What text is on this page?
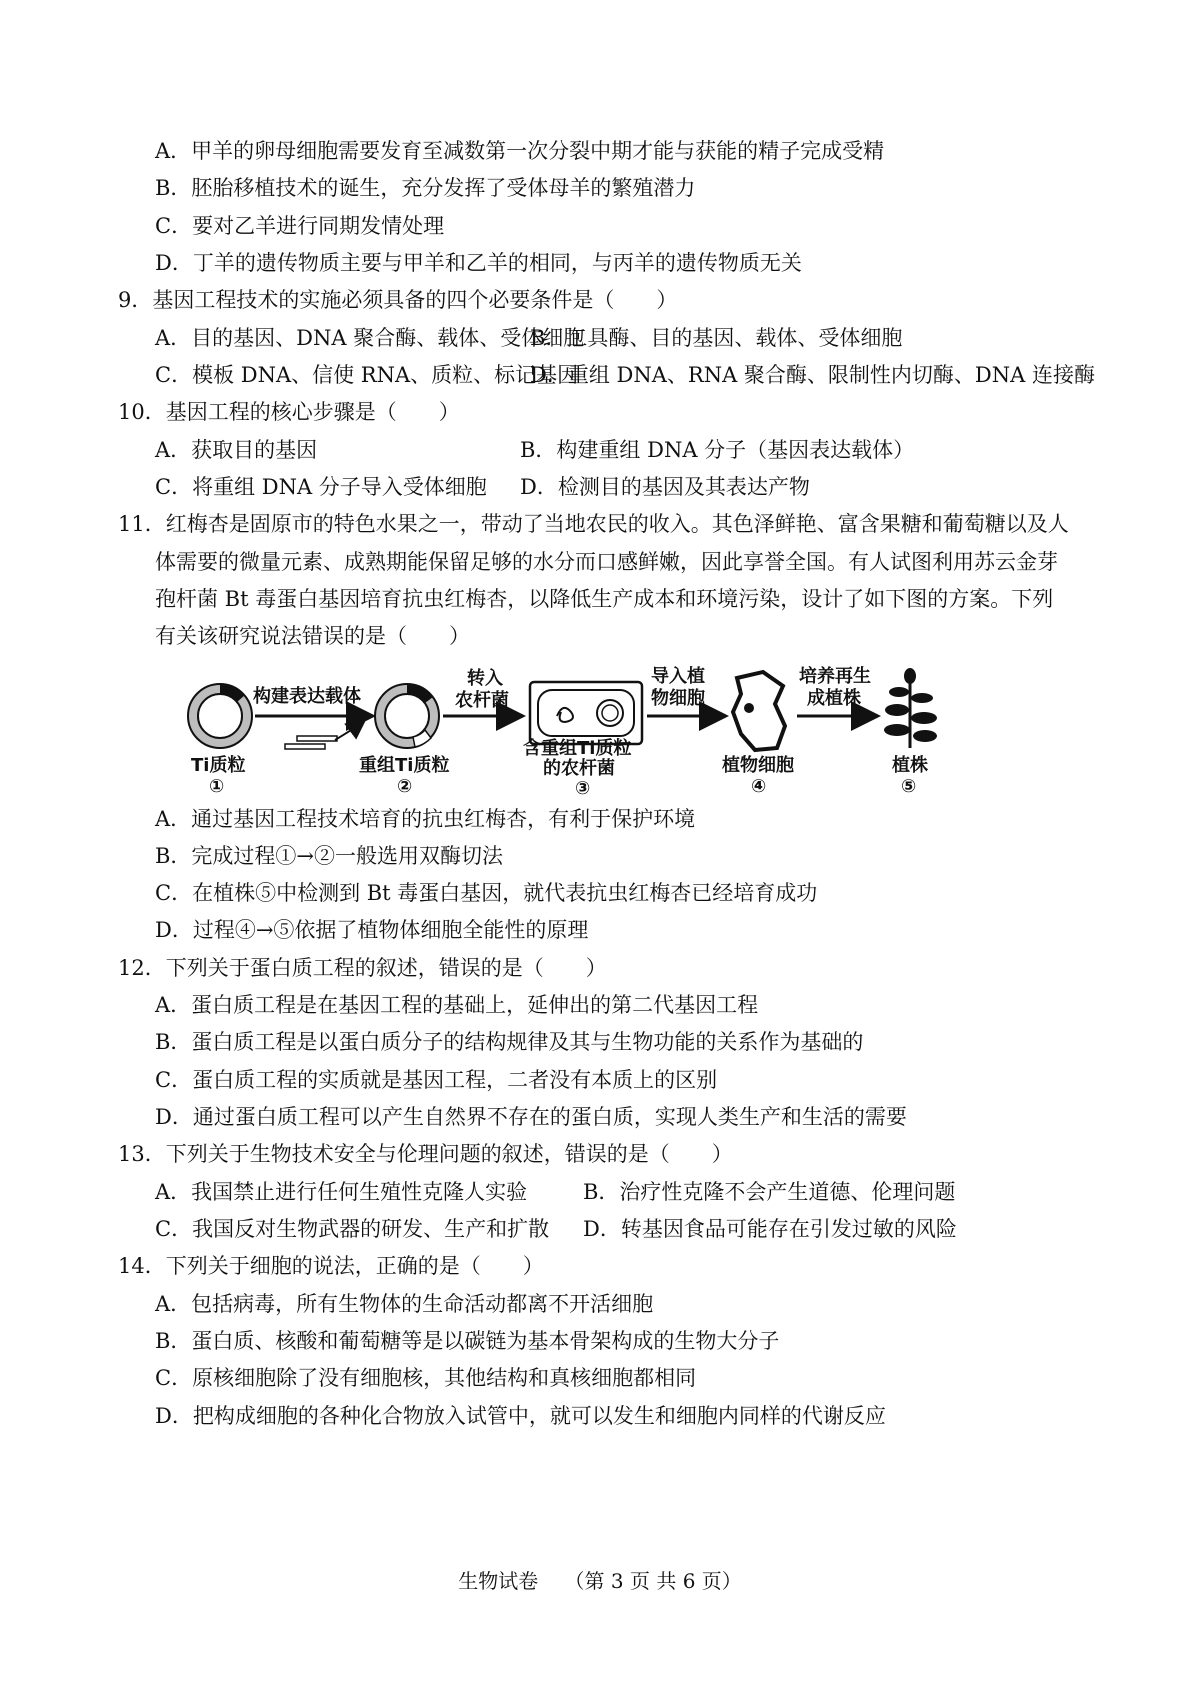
A．甲羊的卵母细胞需要发育至减数第一次分裂中期才能与获能的精子完成受精
B．胚胎移植技术的诞生，充分发挥了受体母羊的繁殖潜力
C．要对乙羊进行同期发情处理
D．丁羊的遗传物质主要与甲羊和乙羊的相同，与丙羊的遗传物质无关
9．基因工程技术的实施必须具备的四个必要条件是（　　）
A．目的基因、DNA 聚合酶、载体、受体细胞
B．工具酶、目的基因、载体、受体细胞
C．模板 DNA、信使 RNA、质粒、标记基因
D．重组 DNA、RNA 聚合酶、限制性内切酶、DNA 连接酶
10．基因工程的核心步骤是（　　）
A．获取目的基因	B．构建重组 DNA 分子（基因表达载体）
C．将重组 DNA 分子导入受体细胞 D．检测目的基因及其表达产物
11．红梅杏是固原市的特色水果之一，带动了当地农民的收入。其色泽鲜艳、富含果糖和葡萄糖以及人
体需要的微量元素、成熟期能保留足够的水分而口感鲜嫩，因此享誉全国。有人试图利用苏云金芽
孢杆菌 Bt 毒蛋白基因培育抗虫红梅杏，以降低生产成本和环境污染，设计了如下图的方案。下列
有关该研究说法错误的是（　　）
Ti质粒
①
构建表达载体
重组Ti质粒
②
转入
农杆菌
含重组Ti质粒
的农杆菌
③
导入植
物细胞
植物细胞
④
培养再生
成植株
植株
⑤
A．通过基因工程技术培育的抗虫红梅杏，有利于保护环境
B．完成过程①→②一般选用双酶切法
C．在植株⑤中检测到 Bt 毒蛋白基因，就代表抗虫红梅杏已经培育成功
D．过程④→⑤依据了植物体细胞全能性的原理
12．下列关于蛋白质工程的叙述，错误的是（　　）
A．蛋白质工程是在基因工程的基础上，延伸出的第二代基因工程
B．蛋白质工程是以蛋白质分子的结构规律及其与生物功能的关系作为基础的
C．蛋白质工程的实质就是基因工程，二者没有本质上的区别
D．通过蛋白质工程可以产生自然界不存在的蛋白质，实现人类生产和生活的需要
13．下列关于生物技术安全与伦理问题的叙述，错误的是（　　）
A．我国禁止进行任何生殖性克隆人实验	B．治疗性克隆不会产生道德、伦理问题
C．我国反对生物武器的研发、生产和扩散 D．转基因食品可能存在引发过敏的风险
14．下列关于细胞的说法，正确的是（　　）
A．包括病毒，所有生物体的生命活动都离不开活细胞
B．蛋白质、核酸和葡萄糖等是以碳链为基本骨架构成的生物大分子
C．原核细胞除了没有细胞核，其他结构和真核细胞都相同
D．把构成细胞的各种化合物放入试管中，就可以发生和细胞内同样的代谢反应
生物试卷　 （第 3 页 共 6 页）
